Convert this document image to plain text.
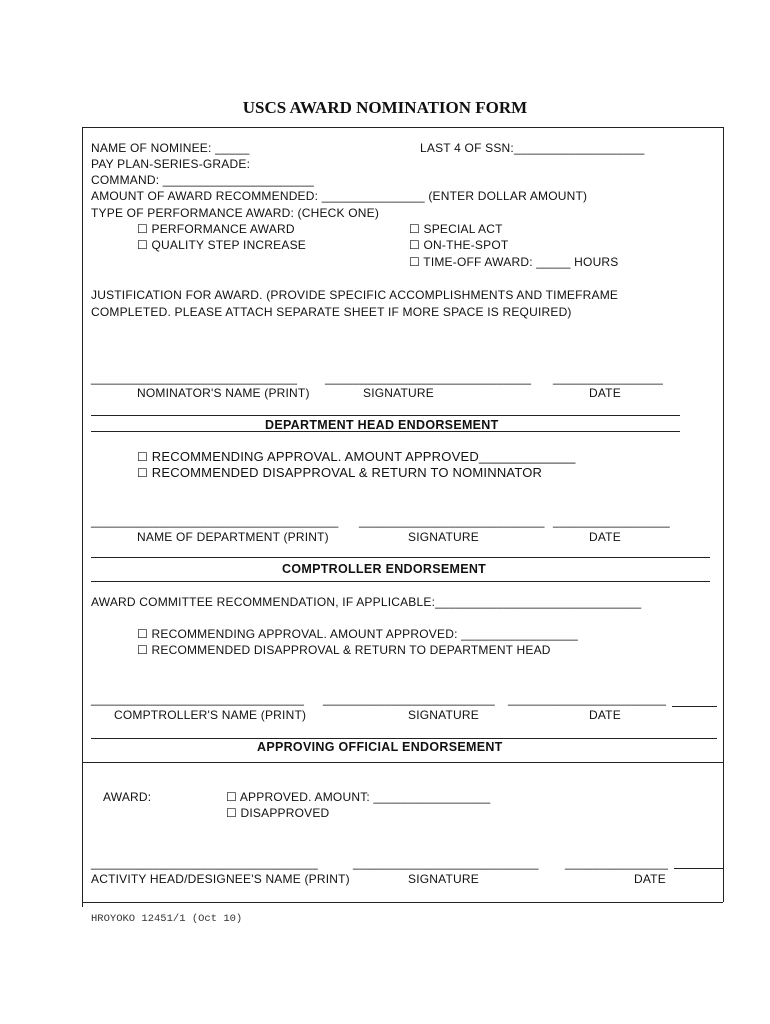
USCS AWARD NOMINATION FORM
NAME OF NOMINEE: _____	LAST 4 OF SSN:___________________
PAY PLAN-SERIES-GRADE:
COMMAND: ______________________
AMOUNT OF AWARD RECOMMENDED: _______________ (ENTER DOLLAR AMOUNT)
TYPE OF PERFORMANCE AWARD: (CHECK ONE)
☐ PERFORMANCE AWARD
☐ QUALITY STEP INCREASE
☐ SPECIAL ACT
☐ ON-THE-SPOT
☐ TIME-OFF AWARD: _____ HOURS
JUSTIFICATION FOR AWARD. (PROVIDE SPECIFIC ACCOMPLISHMENTS AND TIMEFRAME
COMPLETED. PLEASE ATTACH SEPARATE SHEET IF MORE SPACE IS REQUIRED)
______________________________ ______________________________ ________________
NOMINATOR'S NAME (PRINT)	SIGNATURE	DATE
DEPARTMENT HEAD ENDORSEMENT
☐ RECOMMENDING APPROVAL. AMOUNT APPROVED_____________
☐ RECOMMENDED DISAPPROVAL & RETURN TO NOMINNATOR
____________________________________ ___________________________ _________________
NAME OF DEPARTMENT (PRINT)	SIGNATURE	DATE
COMPTROLLER ENDORSEMENT
AWARD COMMITTEE RECOMMENDATION, IF APPLICABLE:______________________________
☐ RECOMMENDING APPROVAL. AMOUNT APPROVED: _________________
☐ RECOMMENDED DISAPPROVAL & RETURN TO DEPARTMENT HEAD
_______________________________ _________________________ _______________________
COMPTROLLER'S NAME (PRINT)	SIGNATURE	DATE
APPROVING OFFICIAL ENDORSEMENT
AWARD:	☐ APPROVED. AMOUNT: _________________
☐ DISAPPROVED
_________________________________	___________________________ _______________
ACTIVITY HEAD/DESIGNEE'S NAME (PRINT)	SIGNATURE	DATE
HROYOKO 12451/1 (Oct 10)
